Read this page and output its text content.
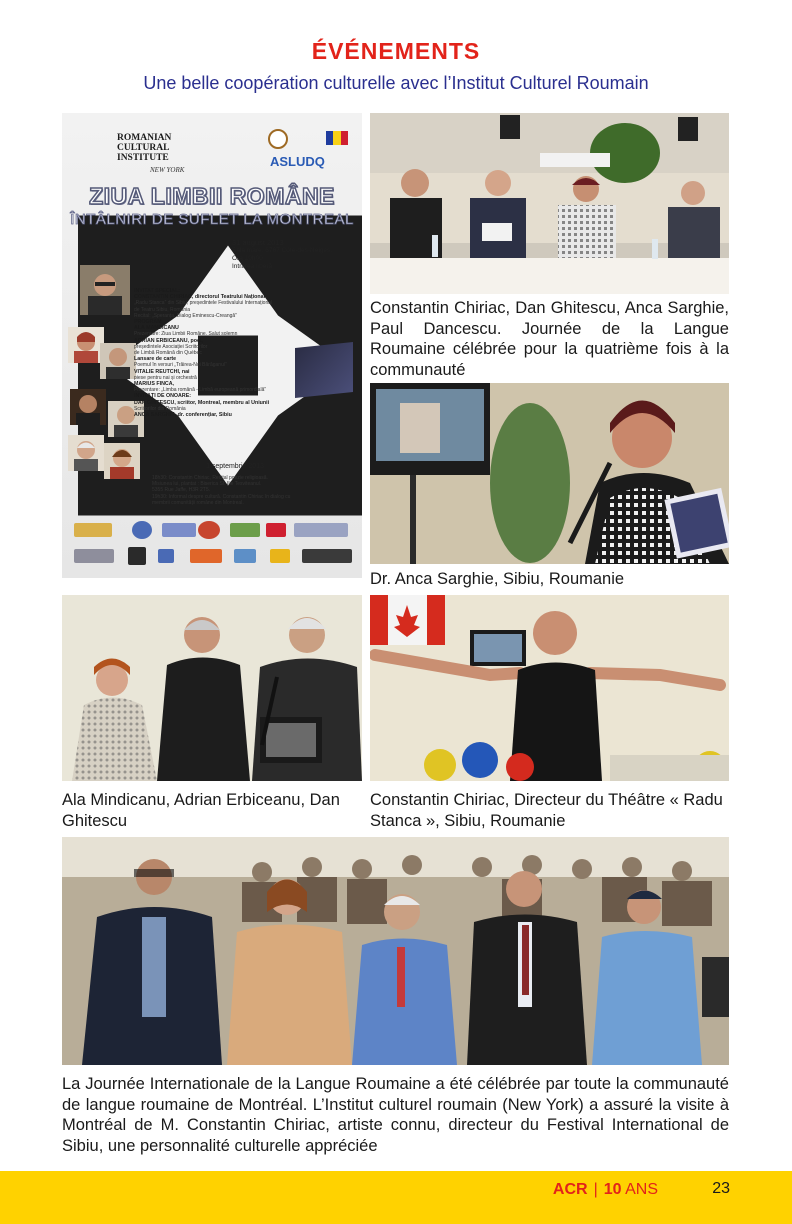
ÉVÉNEMENTS
Une belle coopération culturelle avec l’Institut Culturel Roumain
ROMANIAN
CULTURAL
INSTITUTE
NEW YORK
ASLUDQ
ZIUA LIMBII ROMÂNE
ÎNTÂLNIRI DE SUFLET LA MONTREAL
31 august 2013
Sala mare, 6767 Côte-des-Neiges,
Ora 19h00
Intrarea liberă
INVITAT SPECIAL:
CONSTANTIN CHIRIAC, directorul Teatrului Național
„Radu Stanca” din Sibiu, președintele Festivalului Internațional
de Teatru Sibiu, România
Recital: „Speranța. Dialog Eminescu-Creangă”
PROGRAM
ALA MĂNDICANU
Prezentare: Ziua Limbii Române. Salut solemn
ADRIAN ERBICEANU, poet,
președintele Asociației Scriitorilor
de Limbă Română din Québec
Lansare de carte
Poemul în versuri „Trăirea-Noi Bărăganul”
VITALIE REUTCHI, nai
piese pentru nai și orchestră
MARIUS FINCA,
Prezentare: „Limba română - Limbă europeană primordială”
INVITAȚI DE ONOARE:
DAN GHITESCU, scriitor, Montreal, membru al Uniunii
Scriitorilor din România
ANCA SÂRGHIE, dr. conferențiar, Sibiu
1 septembrie 2013
18h30: Constantin Chiriac, Recital poezie religioasă.
Misiunea lui, plantat : Biserica Sf. Ilie Tesviteanul.
5355 Rue Jaffe, H3R 2T5.
19h30: Informal despre cultură. Constantin Chiriac în dialog cu
membrii comunității române din Montreal.
Constantin Chiriac, Dan Ghitescu, Anca Sarghie, Paul Dancescu. Journée de la Langue Roumaine célébrée pour la quatrième fois à la communauté
Dr. Anca Sarghie, Sibiu, Roumanie
Ala Mindicanu, Adrian Erbiceanu, Dan Ghitescu
Constantin Chiriac, Directeur du Théâtre « Radu Stanca », Sibiu, Roumanie
La Journée Internationale de la Langue Roumaine a été célébrée par toute la communauté de langue roumaine de Montréal. L’Institut culturel roumain (New York) a assuré la visite à Montréal de M. Constantin Chiriac, artiste connu, directeur du Festival International de Sibiu, une personnalité culturelle appréciée
ACR | 10 ANS	23
